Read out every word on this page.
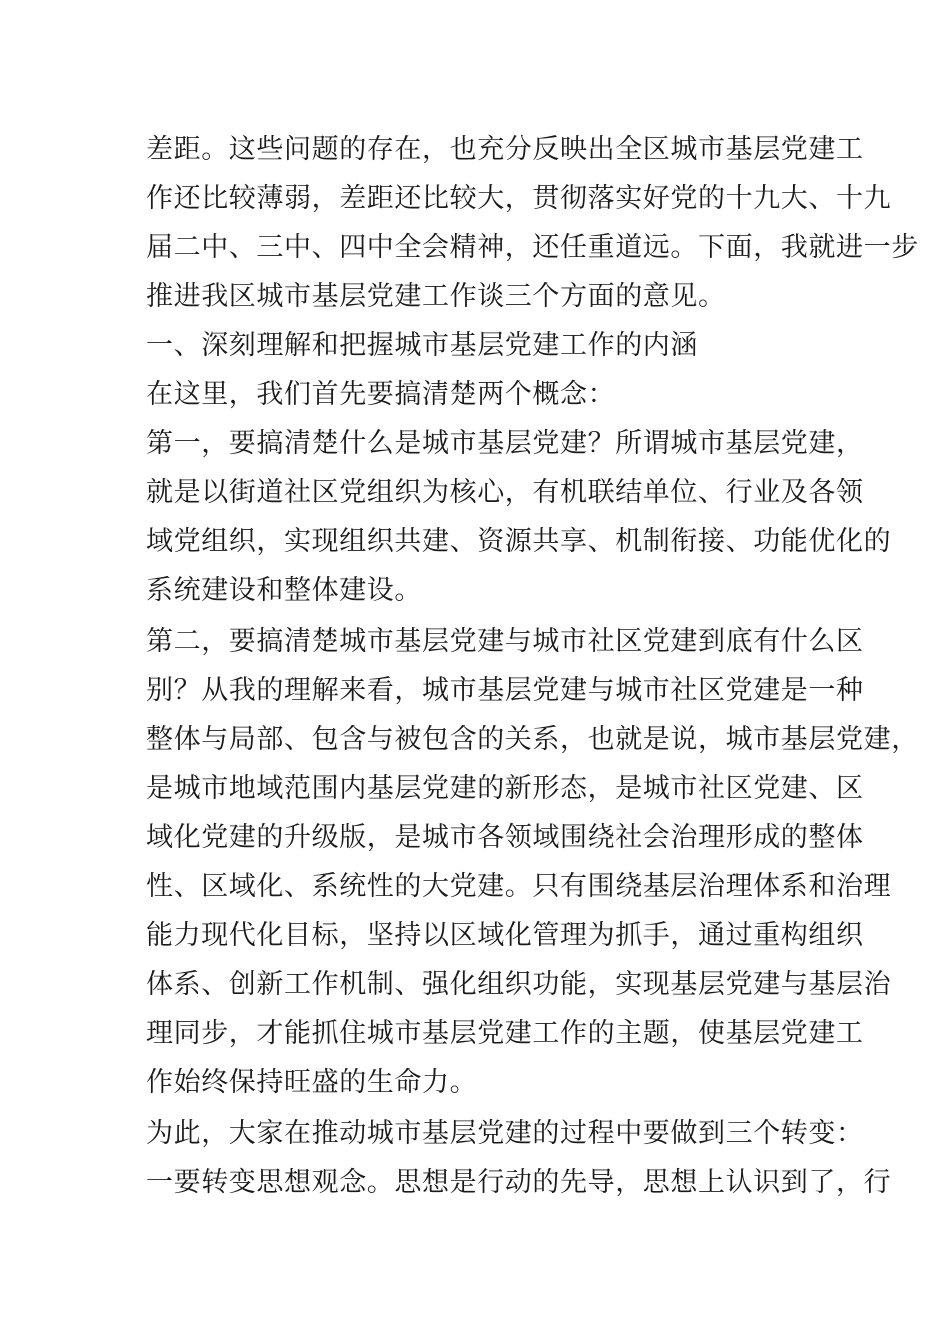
差距。这些问题的存在，也充分反映出全区城市基层党建工
作还比较薄弱，差距还比较大，贯彻落实好党的十九大、十九
届二中、三中、四中全会精神，还任重道远。下面，我就进一步
推进我区城市基层党建工作谈三个方面的意见。
一、深刻理解和把握城市基层党建工作的内涵
在这里，我们首先要搞清楚两个概念：
第一，要搞清楚什么是城市基层党建？所谓城市基层党建，
就是以街道社区党组织为核心，有机联结单位、行业及各领
域党组织，实现组织共建、资源共享、机制衔接、功能优化的
系统建设和整体建设。
第二，要搞清楚城市基层党建与城市社区党建到底有什么区
别？从我的理解来看，城市基层党建与城市社区党建是一种
整体与局部、包含与被包含的关系，也就是说，城市基层党建，
是城市地域范围内基层党建的新形态，是城市社区党建、区
域化党建的升级版，是城市各领域围绕社会治理形成的整体
性、区域化、系统性的大党建。只有围绕基层治理体系和治理
能力现代化目标，坚持以区域化管理为抓手，通过重构组织
体系、创新工作机制、强化组织功能，实现基层党建与基层治
理同步，才能抓住城市基层党建工作的主题，使基层党建工
作始终保持旺盛的生命力。
为此，大家在推动城市基层党建的过程中要做到三个转变：
一要转变思想观念。思想是行动的先导，思想上认识到了，行
